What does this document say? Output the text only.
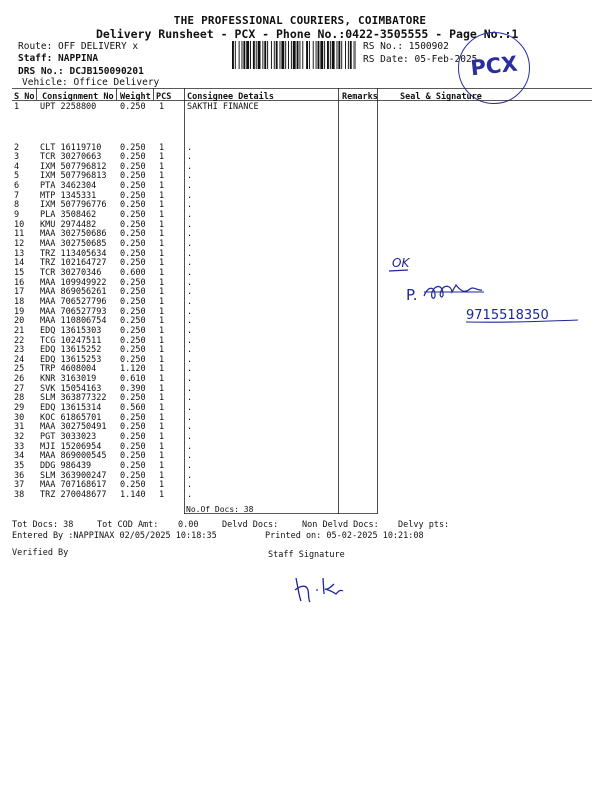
THE PROFESSIONAL COURIERS, COIMBATORE
Delivery Runsheet - PCX - Phone No.:0422-3505555 - Page No.:1
Route: OFF DELIVERY x
Staff: NAPPINA
DRS No.: DCJB150090201
Vehicle: Office Delivery
RS No.: 1500902
RS Date: 05-Feb-2025
PCX
S No Consignment No Weight PCS Consignee Details	Remarks	Seal & Signature
1 UPT 2258800	0.250 1	SAKTHI FINANCE
2 CLT 16119710 0.250 1	.
3 TCR 30270663 0.250 1	.
4 IXM 507796812 0.250 1	.
5 IXM 507796813 0.250 1	.
6 PTA 3462304	0.250 1	.
7 MTP 1345331	0.250 1	.
8 IXM 507796776 0.250 1	.
9 PLA 3508462	0.250 1	.
10 KMU 2974482	0.250 1	.
11 MAA 302750686 0.250 1	.
12 MAA 302750685 0.250 1	.
13 TRZ 113405634 0.250 1	.
14 TRZ 102164727 0.250 1	.
15 TCR 30270346 0.600 1	.
16 MAA 109949922 0.250 1	.
17 MAA 869056261 0.250 1	.
18 MAA 706527796 0.250 1	.
19 MAA 706527793 0.250 1	.
20 MAA 110806754 0.250 1	.
21 EDQ 13615303 0.250 1	.
22 TCG 10247511 0.250 1	.
23 EDQ 13615252 0.250 1	.
24 EDQ 13615253 0.250 1	.
25 TRP 4608004	1.120 1	.
26 KNR 3163019	0.610 1	.
27 SVK 15054163 0.390 1	.
28 SLM 363877322 0.250 1	.
29 EDQ 13615314 0.560 1	.
30 KOC 61865701 0.250 1	.
31 MAA 302750491 0.250 1	.
32 PGT 3033023	0.250 1	.
33 MJI 15206954 0.250 1	.
34 MAA 869000545 0.250 1	.
35 DDG 986439	0.250 1	.
36 SLM 363900247 0.250 1	.
37 MAA 707168617 0.250 1	.
38 TRZ 270048677 1.140 1	.
No.Of Docs: 38
OK
P.
9715518350
Tot Docs: 38	Tot COD Amt: 0.00	Delvd Docs:	Non Delvd Docs: Delvy pts:
Entered By :NAPPINAX 02/05/2025 10:18:35	Printed on: 05-02-2025 10:21:08
Verified By	Staff Signature
